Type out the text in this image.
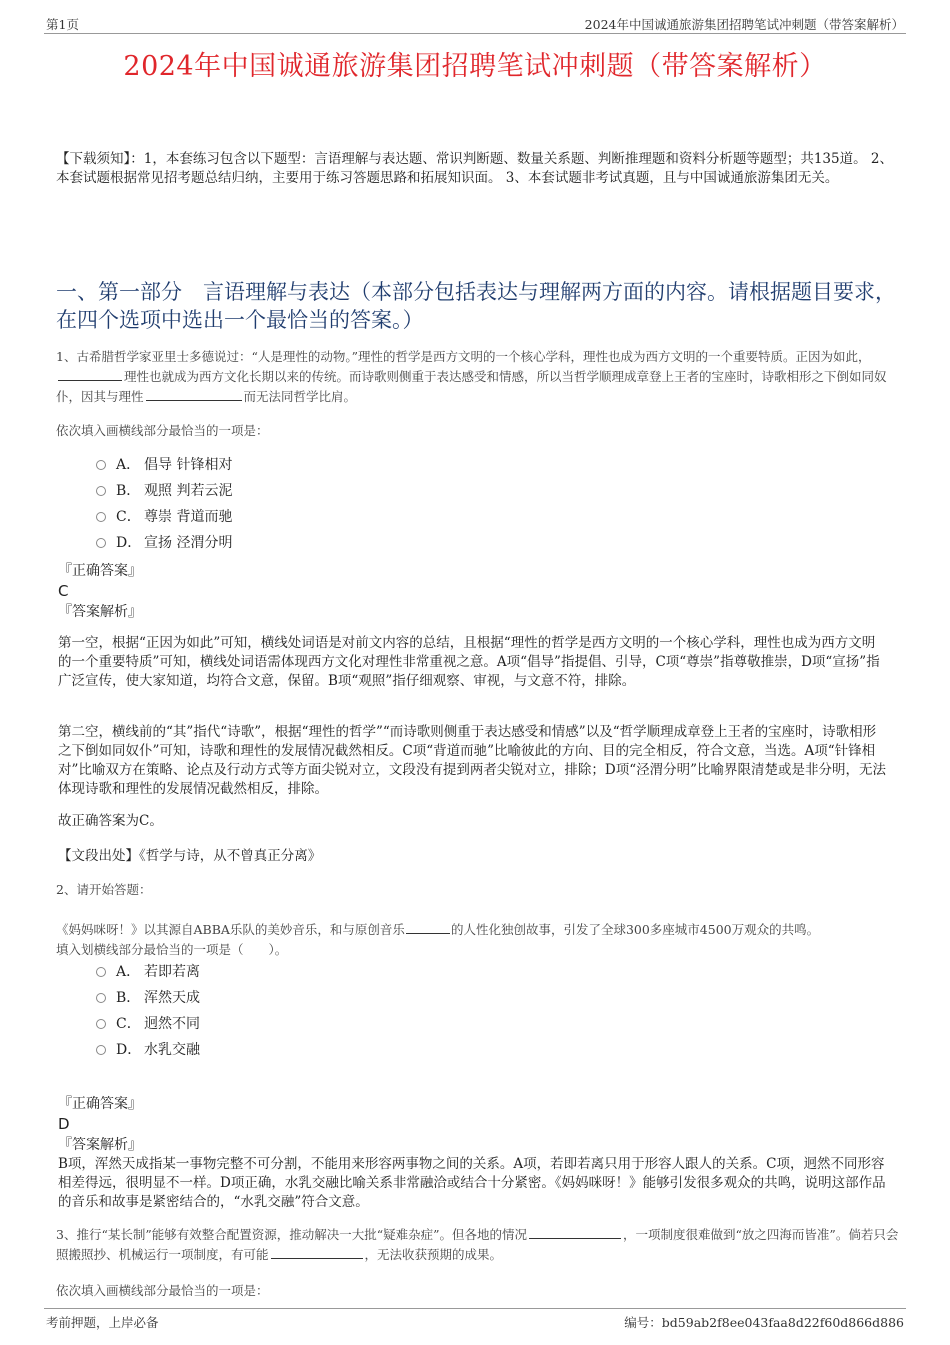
第1页	2024年中国诚通旅游集团招聘笔试冲刺题（带答案解析）
2024年中国诚通旅游集团招聘笔试冲刺题（带答案解析）
【下载须知】：1，本套练习包含以下题型：言语理解与表达题、常识判断题、数量关系题、判断推理题和资料分析题等题型；共135道。 2、本套试题根据常见招考题总结归纳，主要用于练习答题思路和拓展知识面。 3、本套试题非考试真题，且与中国诚通旅游集团无关。
一、第一部分　言语理解与表达（本部分包括表达与理解两方面的内容。请根据题目要求，在四个选项中选出一个最恰当的答案。）
1、古希腊哲学家亚里士多德说过：“人是理性的动物。”理性的哲学是西方文明的一个核心学科，理性也成为西方文明的一个重要特质。正因为如此，理性也就成为西方文化长期以来的传统。而诗歌则侧重于表达感受和情感，所以当哲学顺理成章登上王者的宝座时，诗歌相形之下倒如同奴仆，因其与理性	而无法同哲学比肩。
依次填入画横线部分最恰当的一项是：
A． 倡导 针锋相对
B． 观照 判若云泥
C． 尊崇 背道而驰
D． 宣扬 泾渭分明
『正确答案』
C
『答案解析』
第一空，根据“正因为如此”可知，横线处词语是对前文内容的总结，且根据“理性的哲学是西方文明的一个核心学科，理性也成为西方文明的一个重要特质”可知，横线处词语需体现西方文化对理性非常重视之意。A项“倡导”指提倡、引导，C项“尊崇”指尊敬推崇，D项“宣扬”指广泛宣传，使大家知道，均符合文意，保留。B项“观照”指仔细观察、审视，与文意不符，排除。
第二空，横线前的“其”指代“诗歌”，根据“理性的哲学”“而诗歌则侧重于表达感受和情感”以及“哲学顺理成章登上王者的宝座时，诗歌相形之下倒如同奴仆”可知，诗歌和理性的发展情况截然相反。C项“背道而驰”比喻彼此的方向、目的完全相反，符合文意，当选。A项“针锋相对”比喻双方在策略、论点及行动方式等方面尖锐对立，文段没有提到两者尖锐对立，排除；D项“泾渭分明”比喻界限清楚或是非分明，无法体现诗歌和理性的发展情况截然相反，排除。
故正确答案为C。
【文段出处】《哲学与诗，从不曾真正分离》
2、请开始答题：
《妈妈咪呀！》以其源自ABBA乐队的美妙音乐，和与原创音乐	的人性化独创故事，引发了全球300多座城市4500万观众的共鸣。
填入划横线部分最恰当的一项是（　　）。
A． 若即若离
B． 浑然天成
C． 迥然不同
D． 水乳交融
『正确答案』
D
『答案解析』
B项，浑然天成指某一事物完整不可分割，不能用来形容两事物之间的关系。A项，若即若离只用于形容人跟人的关系。C项，迥然不同形容相差得远，很明显不一样。D项正确，水乳交融比喻关系非常融洽或结合十分紧密。《妈妈咪呀！》能够引发很多观众的共鸣，说明这部作品的音乐和故事是紧密结合的，“水乳交融”符合文意。
3、推行“某长制”能够有效整合配置资源，推动解决一大批“疑难杂症”。但各地的情况	，一项制度很难做到“放之四海而皆准”。倘若只会照搬照抄、机械运行一项制度，有可能	，无法收获预期的成果。
依次填入画横线部分最恰当的一项是：
考前押题，上岸必备	编号：bd59ab2f8ee043faa8d22f60d866d886
